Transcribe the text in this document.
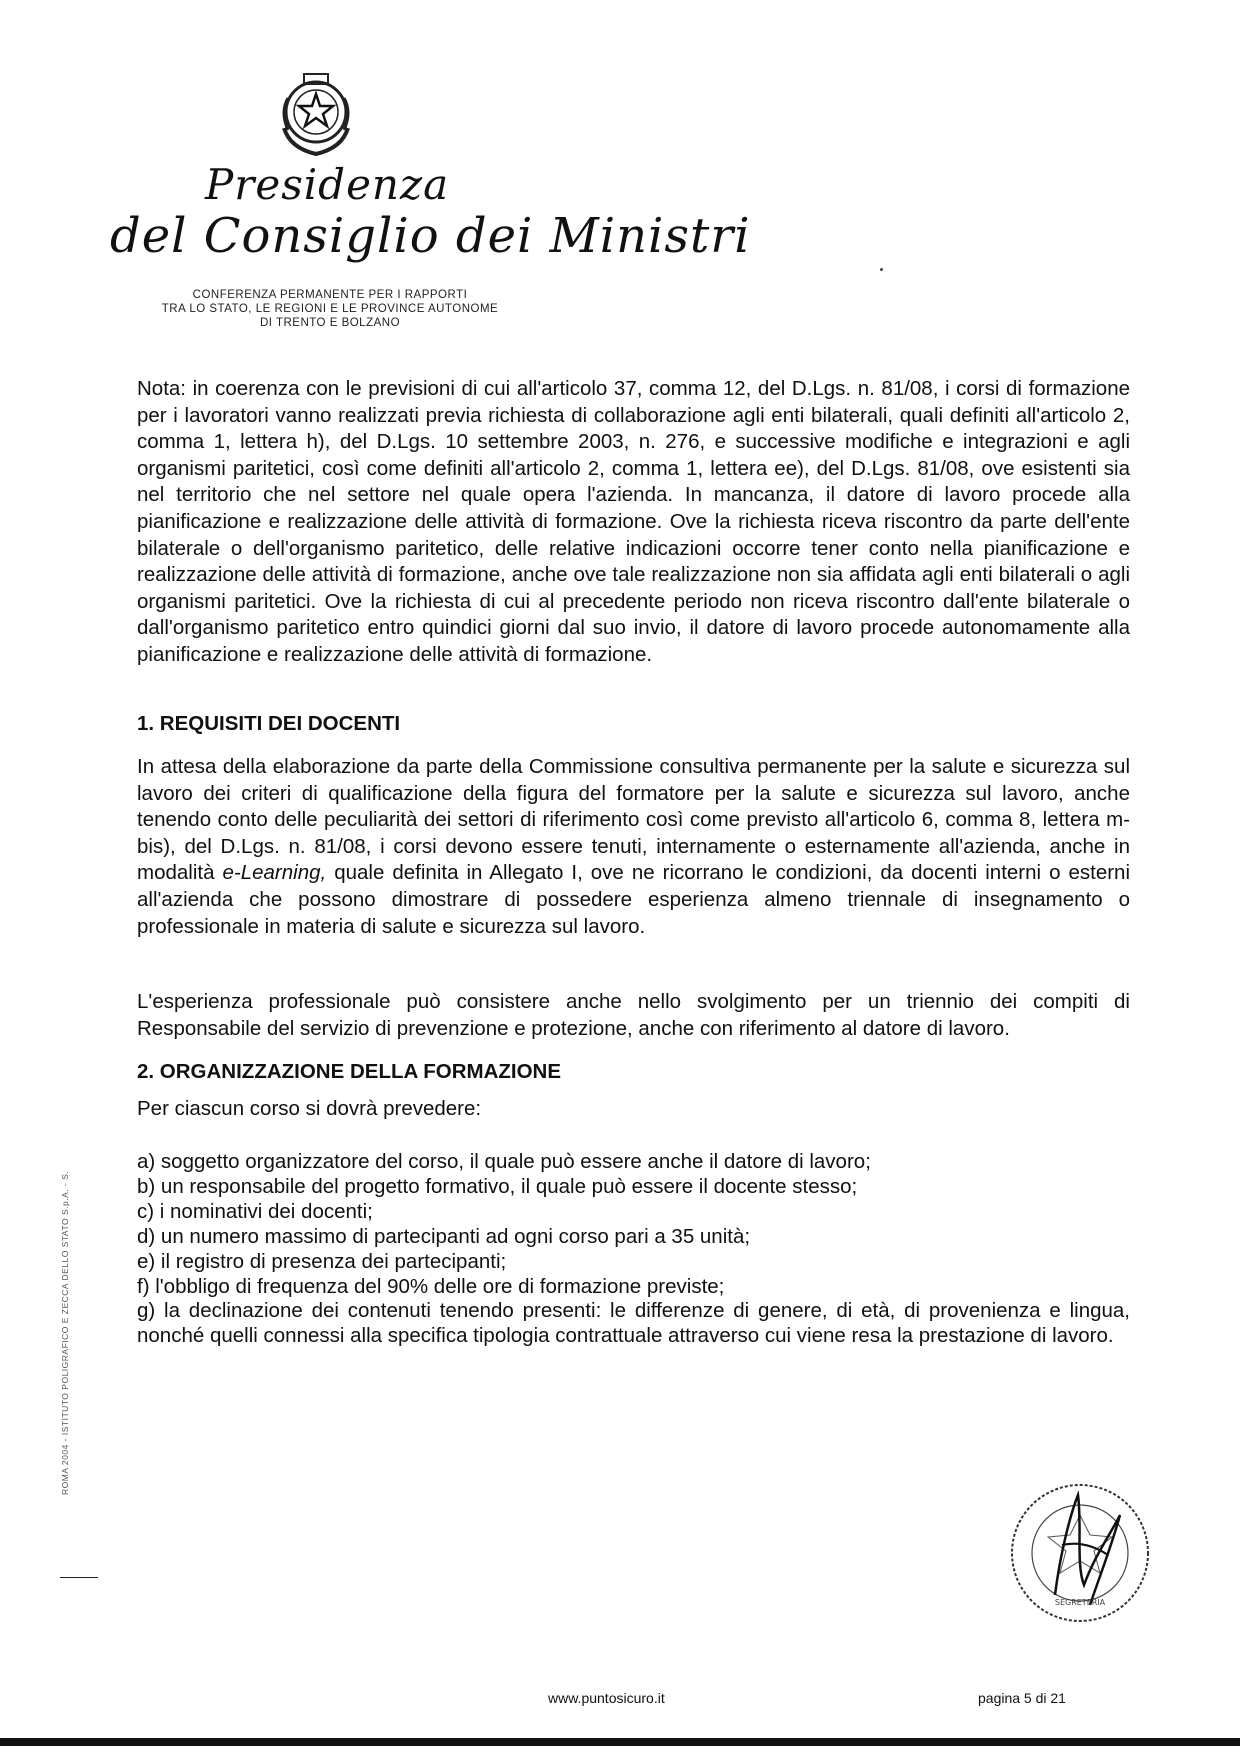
Presidenza
del Consiglio dei Ministri
CONFERENZA PERMANENTE PER I RAPPORTI
TRA LO STATO, LE REGIONI E LE PROVINCE AUTONOME
DI TRENTO E BOLZANO

Nota: in coerenza con le previsioni di cui all'articolo 37, comma 12, del D.Lgs. n. 81/08, i corsi di formazione per i lavoratori vanno realizzati previa richiesta di collaborazione agli enti bilaterali, quali definiti all'articolo 2, comma 1, lettera h), del D.Lgs. 10 settembre 2003, n. 276, e successive modifiche e integrazioni e agli organismi paritetici, così come definiti all'articolo 2, comma 1, lettera ee), del D.Lgs. 81/08, ove esistenti sia nel territorio che nel settore nel quale opera l'azienda. In mancanza, il datore di lavoro procede alla pianificazione e realizzazione delle attività di formazione. Ove la richiesta riceva riscontro da parte dell'ente bilaterale o dell'organismo paritetico, delle relative indicazioni occorre tener conto nella pianificazione e realizzazione delle attività di formazione, anche ove tale realizzazione non sia affidata agli enti bilaterali o agli organismi paritetici. Ove la richiesta di cui al precedente periodo non riceva riscontro dall'ente bilaterale o dall'organismo paritetico entro quindici giorni dal suo invio, il datore di lavoro procede autonomamente alla pianificazione e realizzazione delle attività di formazione.

1. REQUISITI DEI DOCENTI

In attesa della elaborazione da parte della Commissione consultiva permanente per la salute e sicurezza sul lavoro dei criteri di qualificazione della figura del formatore per la salute e sicurezza sul lavoro, anche tenendo conto delle peculiarità dei settori di riferimento così come previsto all'articolo 6, comma 8, lettera m-bis), del D.Lgs. n. 81/08, i corsi devono essere tenuti, internamente o esternamente all'azienda, anche in modalità e-Learning, quale definita in Allegato I, ove ne ricorrano le condizioni, da docenti interni o esterni all'azienda che possono dimostrare di possedere esperienza almeno triennale di insegnamento o professionale in materia di salute e sicurezza sul lavoro.

L'esperienza professionale può consistere anche nello svolgimento per un triennio dei compiti di Responsabile del servizio di prevenzione e protezione, anche con riferimento al datore di lavoro.

2. ORGANIZZAZIONE DELLA FORMAZIONE
Per ciascun corso si dovrà prevedere:
a) soggetto organizzatore del corso, il quale può essere anche il datore di lavoro;
b) un responsabile del progetto formativo, il quale può essere il docente stesso;
c) i nominativi dei docenti;
d) un numero massimo di partecipanti ad ogni corso pari a 35 unità;
e) il registro di presenza dei partecipanti;
f) l'obbligo di frequenza del 90% delle ore di formazione previste;
g) la declinazione dei contenuti tenendo presenti: le differenze di genere, di età, di provenienza e lingua, nonché quelli connessi alla specifica tipologia contrattuale attraverso cui viene resa la prestazione di lavoro.
ROMA 2004 - ISTITUTO POLIGRAFICO E ZECCA DELLO STATO S.p.A. - S.
SEGRETERIA
www.puntosicuro.it	pagina 5 di 21
